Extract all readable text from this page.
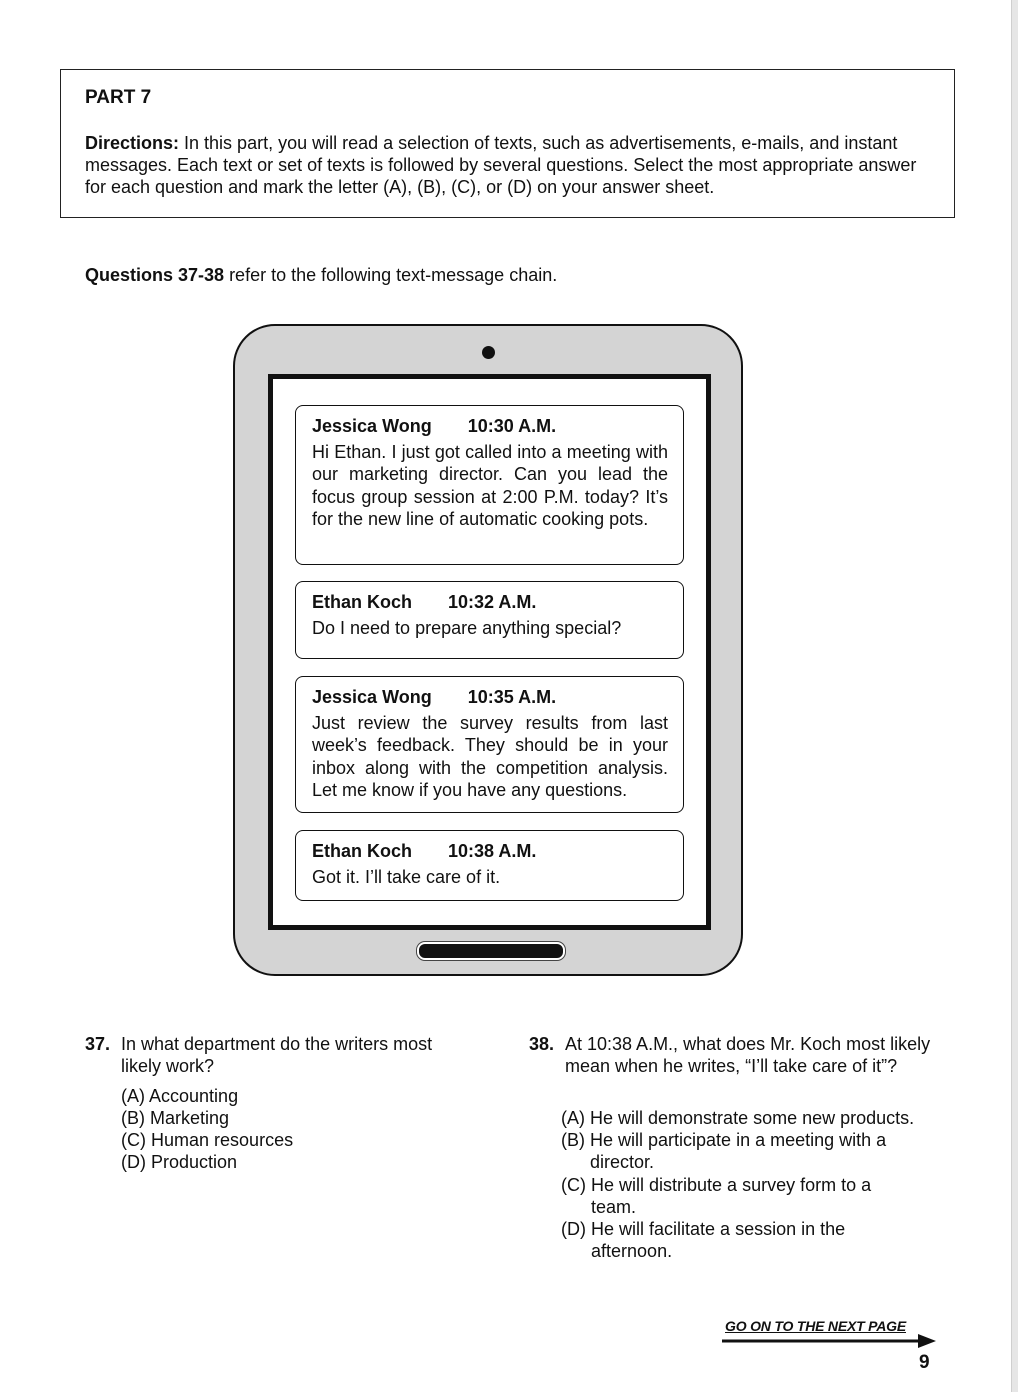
PART 7
Directions: In this part, you will read a selection of texts, such as advertisements, e-mails, and instant messages. Each text or set of texts is followed by several questions. Select the most appropriate answer for each question and mark the letter (A), (B), (C), or (D) on your answer sheet.
Questions 37-38 refer to the following text-message chain.
Jessica Wong 10:30 A.M.
Hi Ethan. I just got called into a meeting with our marketing director. Can you lead the focus group session at 2:00 P.M. today? It’s for the new line of automatic cooking pots.
Ethan Koch 10:32 A.M.
Do I need to prepare anything special?
Jessica Wong 10:35 A.M.
Just review the survey results from last week’s feedback. They should be in your inbox along with the competition analysis. Let me know if you have any questions.
Ethan Koch 10:38 A.M.
Got it. I’ll take care of it.
37. In what department do the writers most likely work?
(A) Accounting
(B) Marketing
(C) Human resources
(D) Production
38. At 10:38 A.M., what does Mr. Koch most likely mean when he writes, “I’ll take care of it”?
(A) He will demonstrate some new products.
(B) He will participate in a meeting with a director.
(C) He will distribute a survey form to a team.
(D) He will facilitate a session in the afternoon.
GO ON TO THE NEXT PAGE
9
